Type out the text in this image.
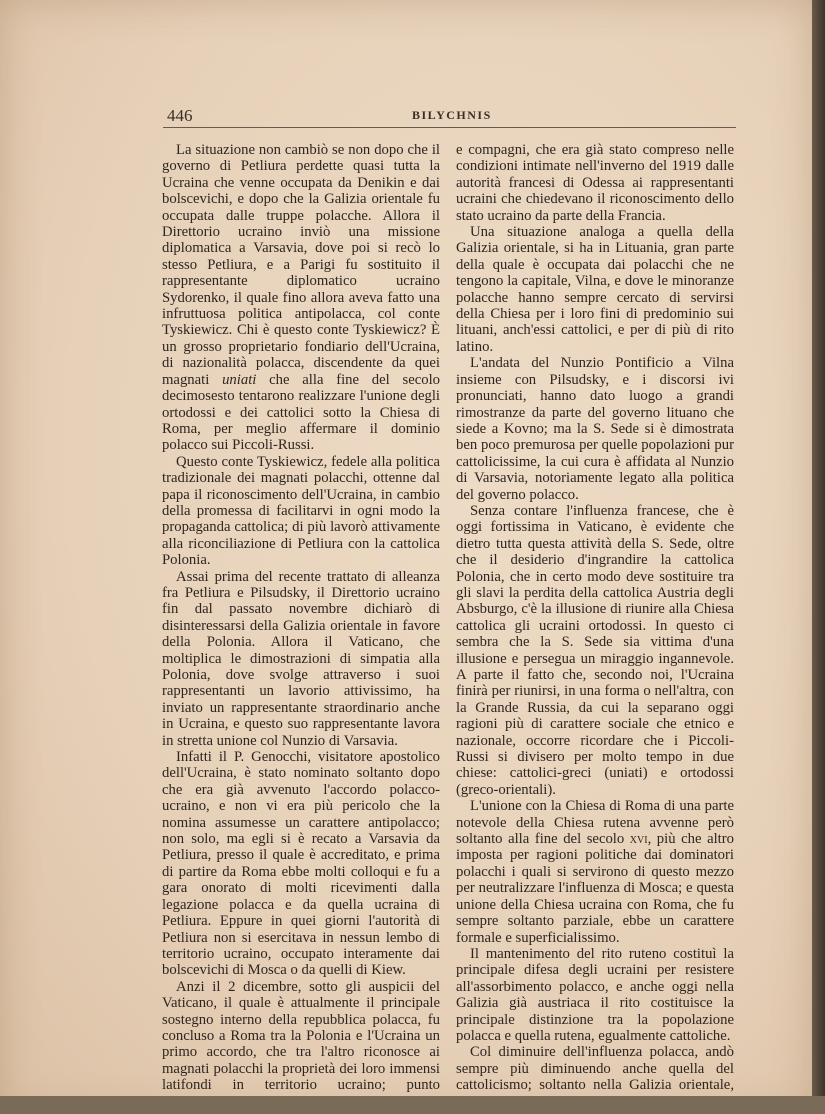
446	BILYCHNIS

La situazione non cambiò se non dopo che il governo di Petliura perdette quasi tutta la Ucraina che venne occupata da Denikin e dai bolscevichi, e dopo che la Galizia orientale fu occupata dalle truppe polacche. Allora il Direttorio ucraino inviò una missione diplomatica a Varsavia, dove poi si recò lo stesso Petliura, e a Parigi fu sostituito il rappresentante diplomatico ucraino Sydorenko, il quale fino allora aveva fatto una infruttuosa politica antipolacca, col conte Tyskiewicz. Chi è questo conte Tyskiewicz? È un grosso proprietario fondiario dell'Ucraina, di nazionalità polacca, discendente da quei magnati uniati che alla fine del secolo decimosesto tentarono realizzare l'unione degli ortodossi e dei cattolici sotto la Chiesa di Roma, per meglio affermare il dominio polacco sui Piccoli-Russi.

Questo conte Tyskiewicz, fedele alla politica tradizionale dei magnati polacchi, ottenne dal papa il riconoscimento dell'Ucraina, in cambio della promessa di facilitarvi in ogni modo la propaganda cattolica; di più lavorò attivamente alla riconciliazione di Petliura con la cattolica Polonia.

Assai prima del recente trattato di alleanza fra Petliura e Pilsudsky, il Direttorio ucraino fin dal passato novembre dichiarò di disinteressarsi della Galizia orientale in favore della Polonia. Allora il Vaticano, che moltiplica le dimostrazioni di simpatia alla Polonia, dove svolge attraverso i suoi rappresentanti un lavorio attivissimo, ha inviato un rappresentante straordinario anche in Ucraina, e questo suo rappresentante lavora in stretta unione col Nunzio di Varsavia.

Infatti il P. Genocchi, visitatore apostolico dell'Ucraina, è stato nominato soltanto dopo che era già avvenuto l'accordo polacco-ucraino, e non vi era più pericolo che la nomina assumesse un carattere antipolacco; non solo, ma egli si è recato a Varsavia da Petliura, presso il quale è accreditato, e prima di partire da Roma ebbe molti colloqui e fu a gara onorato di molti ricevimenti dalla legazione polacca e da quella ucraina di Petliura. Eppure in quei giorni l'autorità di Petliura non si esercitava in nessun lembo di territorio ucraino, occupato interamente dai bolscevichi di Mosca o da quelli di Kiew.

Anzi il 2 dicembre, sotto gli auspicii del Vaticano, il quale è attualmente il principale sostegno interno della repubblica polacca, fu concluso a Roma tra la Polonia e l'Ucraina un primo accordo, che tra l'altro riconosce ai magnati polacchi la proprietà dei loro immensi latifondi in territorio ucraino; punto

e compagni, che era già stato compreso nelle condizioni intimate nell'inverno del 1919 dalle autorità francesi di Odessa ai rappresentanti ucraini che chiedevano il riconoscimento dello stato ucraino da parte della Francia.

Una situazione analoga a quella della Galizia orientale, si ha in Lituania, gran parte della quale è occupata dai polacchi che ne tengono la capitale, Vilna, e dove le minoranze polacche hanno sempre cercato di servirsi della Chiesa per i loro fini di predominio sui lituani, anch'essi cattolici, e per di più di rito latino.

L'andata del Nunzio Pontificio a Vilna insieme con Pilsudsky, e i discorsi ivi pronunciati, hanno dato luogo a grandi rimostranze da parte del governo lituano che siede a Kovno; ma la S. Sede si è dimostrata ben poco premurosa per quelle popolazioni pur cattolicissime, la cui cura è affidata al Nunzio di Varsavia, notoriamente legato alla politica del governo polacco.

Senza contare l'influenza francese, che è oggi fortissima in Vaticano, è evidente che dietro tutta questa attività della S. Sede, oltre che il desiderio d'ingrandire la cattolica Polonia, che in certo modo deve sostituire tra gli slavi la perdita della cattolica Austria degli Absburgo, c'è la illusione di riunire alla Chiesa cattolica gli ucraini ortodossi. In questo ci sembra che la S. Sede sia vittima d'una illusione e persegua un miraggio ingannevole. A parte il fatto che, secondo noi, l'Ucraina finirà per riunirsi, in una forma o nell'altra, con la Grande Russia, da cui la separano oggi ragioni più di carattere sociale che etnico e nazionale, occorre ricordare che i Piccoli-Russi si divisero per molto tempo in due chiese: cattolici-greci (uniati) e ortodossi (greco-orientali).

L'unione con la Chiesa di Roma di una parte notevole della Chiesa rutena avvenne però soltanto alla fine del secolo xvi, più che altro imposta per ragioni politiche dai dominatori polacchi i quali si servirono di questo mezzo per neutralizzare l'influenza di Mosca; e questa unione della Chiesa ucraina con Roma, che fu sempre soltanto parziale, ebbe un carattere formale e superficialissimo.

Il mantenimento del rito ruteno costituì la principale difesa degli ucraini per resistere all'assorbimento polacco, e anche oggi nella Galizia già austriaca il rito costituisce la principale distinzione tra la popolazione polacca e quella rutena, egualmente cattoliche.

Col diminuire dell'influenza polacca, andò sempre più diminuendo anche quella del cattolicismo; soltanto nella Galizia orientale,
